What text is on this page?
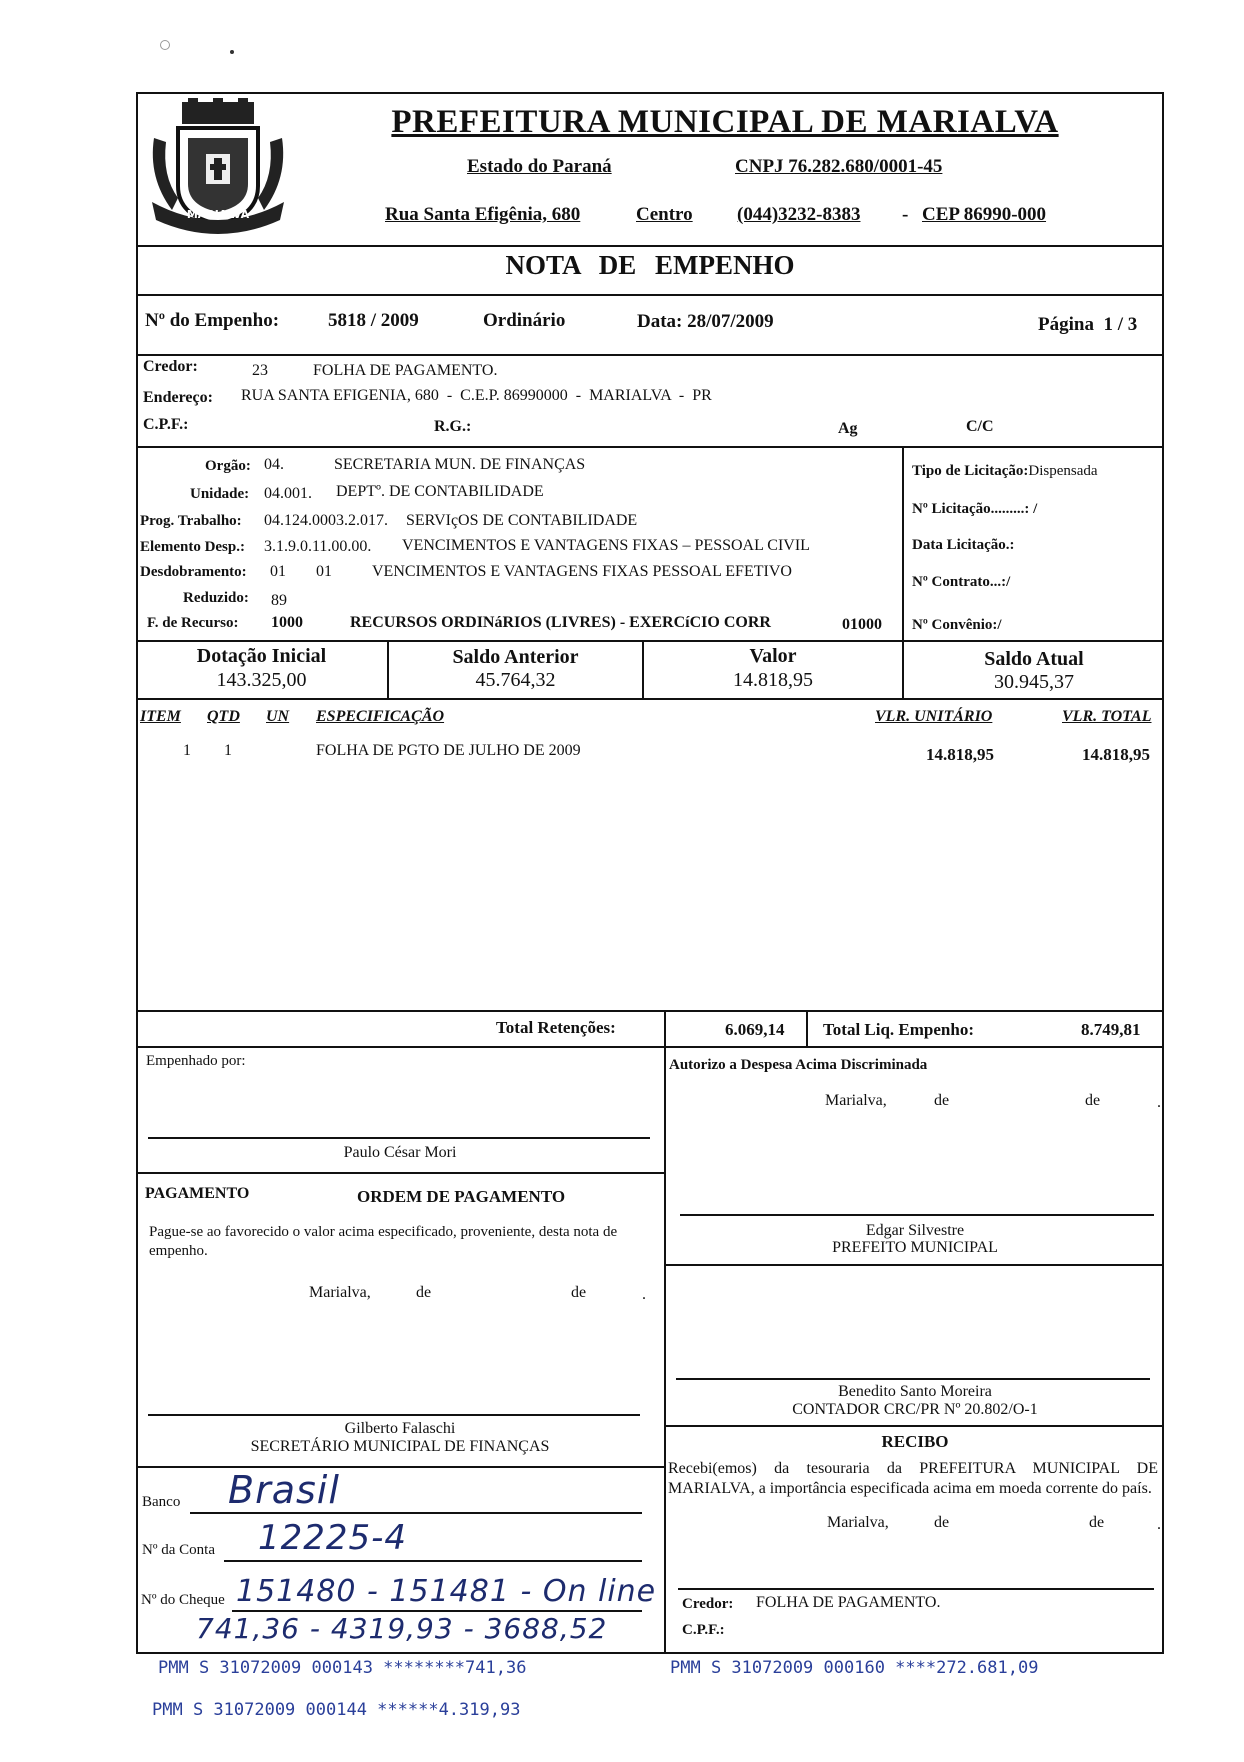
MARIALVA
PREFEITURA MUNICIPAL DE MARIALVA
Estado do Paraná	CNPJ 76.282.680/0001-45
Rua Santa Efigênia, 680	Centro (044)3232-8383 - CEP 86990-000
NOTA DE EMPENHO
Nº do Empenho:	5818 / 2009	Ordinário	Data: 28/07/2009	Página  1 / 3
Credor:	23	FOLHA DE PAGAMENTO.
Endereço: RUA SANTA EFIGENIA, 680  -  C.E.P. 86990000  -  MARIALVA  -  PR
C.P.F.:	R.G.:	Ag	C/C
Orgão: 04.	SECRETARIA MUN. DE FINANÇAS
Unidade: 04.001. DEPTº. DE CONTABILIDADE
Prog. Trabalho: 04.124.0003.2.017. SERVIçOS DE CONTABILIDADE
Elemento Desp.: 3.1.9.0.11.00.00. VENCIMENTOS E VANTAGENS FIXAS – PESSOAL CIVIL
Desdobramento: 01 01	VENCIMENTOS E VANTAGENS FIXAS PESSOAL EFETIVO
Reduzido: 89
F. de Recurso: 1000	RECURSOS ORDINáRIOS (LIVRES) - EXERCíCIO CORR	01000
Tipo de Licitação:Dispensada
Nº Licitação.........: /
Data Licitação.:
Nº Contrato...:/
Nº Convênio:/
Dotação Inicial
143.325,00
Saldo Anterior
45.764,32
Valor
14.818,95
Saldo Atual
30.945,37
ITEM QTD UN ESPECIFICAÇÃO	VLR. UNITÁRIO	VLR. TOTAL
1 1	FOLHA DE PGTO DE JULHO DE 2009	14.818,95	14.818,95
Total Retenções:	6.069,14 Total Liq. Empenho:	8.749,81
Empenhado por:
Paulo César Mori
PAGAMENTO	ORDEM DE PAGAMENTO
Pague-se ao favorecido o valor acima especificado, proveniente, desta nota de empenho.
Marialva,	de	de	.
Gilberto Falaschi
SECRETÁRIO MUNICIPAL DE FINANÇAS
Banco Brasil
Nº da Conta 12225-4
Nº do Cheque 151480 - 151481 - On line
741,36 - 4319,93 - 3688,52
Autorizo a Despesa Acima Discriminada
Marialva,	de	de	.
Edgar Silvestre
PREFEITO MUNICIPAL
Benedito Santo Moreira
CONTADOR CRC/PR Nº 20.802/O-1
RECIBO
Recebi(emos) da tesouraria da PREFEITURA MUNICIPAL DE MARIALVA, a importância especificada acima em moeda corrente do país.
Marialva,	de	de	.
Credor: FOLHA DE PAGAMENTO.
C.P.F.:
PMM S 31072009 000143 ********741,36	PMM S 31072009 000160 ****272.681,09
PMM S 31072009 000144 ******4.319,93
